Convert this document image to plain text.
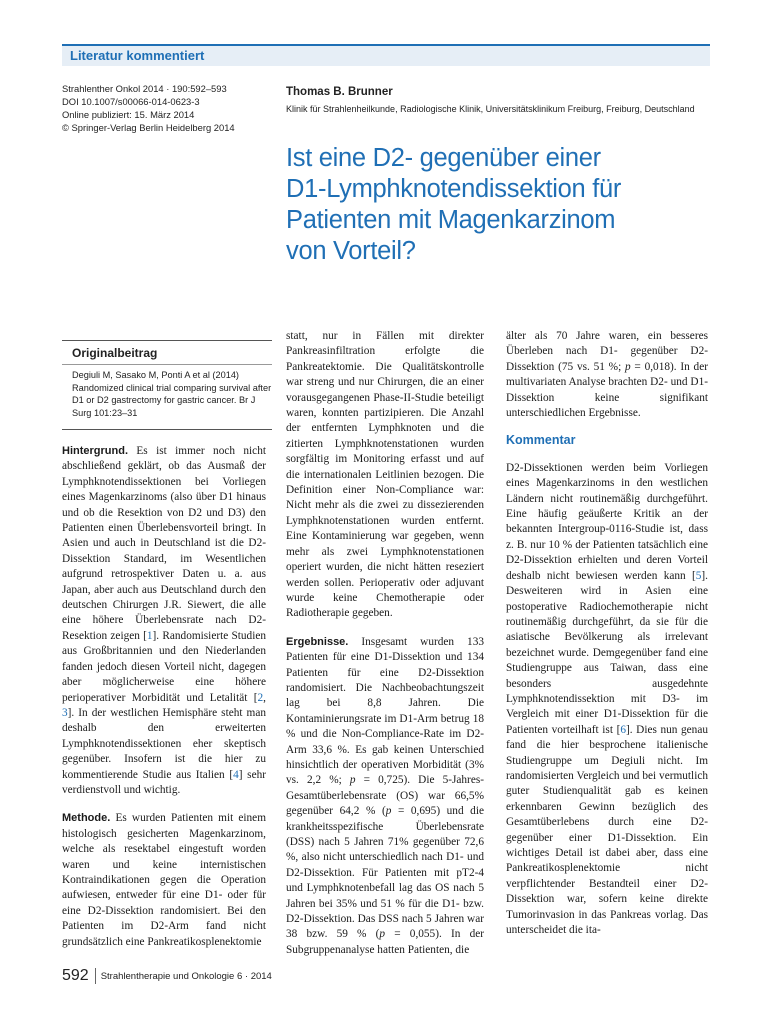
Literatur kommentiert
Strahlenther Onkol 2014 · 190:592–593
DOI 10.1007/s00066-014-0623-3
Online publiziert: 15. März 2014
© Springer-Verlag Berlin Heidelberg 2014
Thomas B. Brunner
Klinik für Strahlenheilkunde, Radiologische Klinik, Universitätsklinikum Freiburg, Freiburg, Deutschland
Ist eine D2- gegenüber einer
D1-Lymphknotendissektion für
Patienten mit Magenkarzinom
von Vorteil?
Originalbeitrag
Degiuli M, Sasako M, Ponti A et al (2014) Randomized clinical trial comparing survival after D1 or D2 gastrectomy for gastric cancer. Br J Surg 101:23–31

Hintergrund. Es ist immer noch nicht abschließend geklärt, ob das Ausmaß der Lymphknotendissektionen bei Vorliegen eines Magenkarzinoms (also über D1 hinaus und ob die Resektion von D2 und D3) den Patienten einen Überlebensvorteil bringt. In Asien und auch in Deutschland ist die D2-Dissektion Standard, im Wesentlichen aufgrund retrospektiver Daten u. a. aus Japan, aber auch aus Deutschland durch den deutschen Chirurgen J.R. Siewert, die alle eine höhere Überlebensrate nach D2-Resektion zeigen [1]. Randomisierte Studien aus Großbritannien und den Niederlanden fanden jedoch diesen Vorteil nicht, dagegen aber möglicherweise eine höhere perioperativer Morbidität und Letalität [2, 3]. In der westlichen Hemisphäre steht man deshalb den erweiterten Lymphknotendissektionen eher skeptisch gegenüber. Insofern ist die hier zu kommentierende Studie aus Italien [4] sehr verdienstvoll und wichtig.

Methode. Es wurden Patienten mit einem histologisch gesicherten Magenkarzinom, welche als resektabel eingestuft worden waren und keine internistischen Kontraindikationen gegen die Operation aufwiesen, entweder für eine D1- oder für eine D2-Dissektion randomisiert. Bei den Patienten im D2-Arm fand nicht grundsätzlich eine Pankreatikosplenektomie

statt, nur in Fällen mit direkter Pankreasinfiltration erfolgte die Pankreatektomie. Die Qualitätskontrolle war streng und nur Chirurgen, die an einer vorausgegangenen Phase-II-Studie beteiligt waren, konnten partizipieren. Die Anzahl der entfernten Lymphknoten und die zitierten Lymphknotenstationen wurden sorgfältig im Monitoring erfasst und auf die internationalen Leitlinien bezogen. Die Definition einer Non-Compliance war: Nicht mehr als die zwei zu dissezierenden Lymphknotenstationen wurden entfernt. Eine Kontaminierung war gegeben, wenn mehr als zwei Lymphknotenstationen operiert wurden, die nicht hätten reseziert werden sollen. Perioperativ oder adjuvant wurde keine Chemotherapie oder Radiotherapie gegeben.

Ergebnisse. Insgesamt wurden 133 Patienten für eine D1-Dissektion und 134 Patienten für eine D2-Dissektion randomisiert. Die Nachbeobachtungszeit lag bei 8,8 Jahren. Die Kontaminierungsrate im D1-Arm betrug 18 % und die Non-Compliance-Rate im D2-Arm 33,6 %. Es gab keinen Unterschied hinsichtlich der operativen Morbidität (3% vs. 2,2 %; p = 0,725). Die 5-Jahres-Gesamtüberlebensrate (OS) war 66,5% gegenüber 64,2 % (p = 0,695) und die krankheitsspezifische Überlebensrate (DSS) nach 5 Jahren 71% gegenüber 72,6 %, also nicht unterschiedlich nach D1- und D2-Dissektion. Für Patienten mit pT2-4 und Lymphknotenbefall lag das OS nach 5 Jahren bei 35% und 51 % für die D1- bzw. D2-Dissektion. Das DSS nach 5 Jahren war 38 bzw. 59 % (p = 0,055). In der Subgruppenanalyse hatten Patienten, die

älter als 70 Jahre waren, ein besseres Überleben nach D1- gegenüber D2-Dissektion (75 vs. 51 %; p = 0,018). In der multivariaten Analyse brachten D2- und D1-Dissektion keine signifikant unterschiedlichen Ergebnisse.

Kommentar

D2-Dissektionen werden beim Vorliegen eines Magenkarzinoms in den westlichen Ländern nicht routinemäßig durchgeführt. Eine häufig geäußerte Kritik an der bekannten Intergroup-0116-Studie ist, dass z. B. nur 10 % der Patienten tatsächlich eine D2-Dissektion erhielten und deren Vorteil deshalb nicht bewiesen werden kann [5]. Desweiteren wird in Asien eine postoperative Radiochemotherapie nicht routinemäßig durchgeführt, da sie für die asiatische Bevölkerung als irrelevant bezeichnet wurde. Demgegenüber fand eine Studiengruppe aus Taiwan, dass eine besonders ausgedehnte Lymphknotendissektion mit D3- im Vergleich mit einer D1-Dissektion für die Patienten vorteilhaft ist [6]. Dies nun genau fand die hier besprochene italienische Studiengruppe um Degiuli nicht. Im randomisierten Vergleich und bei vermutlich guter Studienqualität gab es keinen erkennbaren Gewinn bezüglich des Gesamtüberlebens durch eine D2- gegenüber einer D1-Dissektion. Ein wichtiges Detail ist dabei aber, dass eine Pankreatikosplenektomie nicht verpflichtender Bestandteil einer D2-Dissektion war, sofern keine direkte Tumorinvasion in das Pankreas vorlag. Das unterscheidet die ita-

592 Strahlentherapie und Onkologie 6 · 2014
